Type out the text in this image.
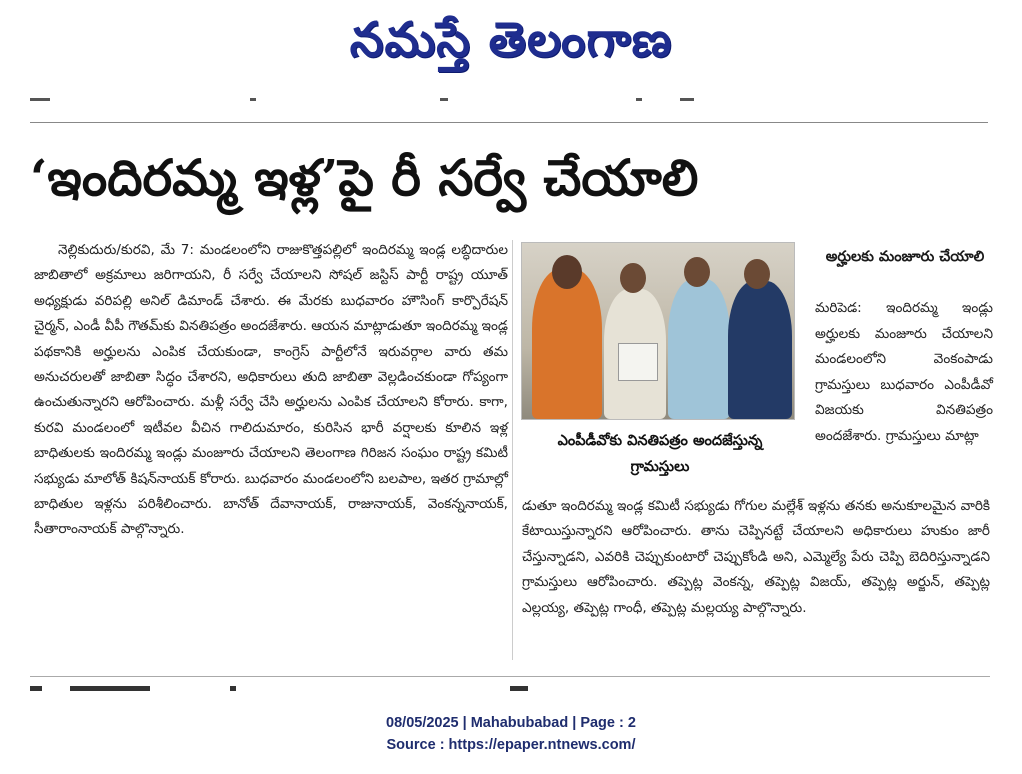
నమస్తే తెలంగాణ
‘ఇందిరమ్మ ఇళ్ల’పై రీ సర్వే చేయాలి

నెల్లికుదురు/కురవి, మే 7: మండలంలోని రాజుకొత్తపల్లిలో ఇందిరమ్మ ఇండ్ల లబ్ధిదారుల జాబితాలో అక్రమాలు జరిగాయని, రీ సర్వే చేయాలని సోషల్ జస్టిస్ పార్టీ రాష్ట్ర యూత్ అధ్యక్షుడు వరిపల్లి అనిల్ డిమాండ్ చేశారు. ఈ మేరకు బుధవారం హౌసింగ్ కార్పొరేషన్ చైర్మన్, ఎండీ వీపీ గౌతమ్‌కు వినతిపత్రం అందజేశారు. ఆయన మాట్లాడుతూ ఇందిరమ్మ ఇండ్ల పథకానికి అర్హులను ఎంపిక చేయకుండా, కాంగ్రెస్ పార్టీలోనే ఇరువర్గాల వారు తమ అనుచరులతో జాబితా సిద్ధం చేశారని, అధికారులు తుది జాబితా వెల్లడించకుండా గోప్యంగా ఉంచుతున్నారని ఆరోపించారు. మళ్లీ సర్వే చేసి అర్హులను ఎంపిక చేయాలని కోరారు. కాగా, కురవి మండలంలో ఇటీవల వీచిన గాలిదుమారం, కురిసిన భారీ వర్షాలకు కూలిన ఇళ్ల బాధితులకు ఇందిరమ్మ ఇండ్లు మంజూరు చేయాలని తెలంగాణ గిరిజన సంఘం రాష్ట్ర కమిటీ సభ్యుడు మాలోత్ కిషన్‌నాయక్ కోరారు. బుధవారం మండలంలోని బలపాల, ఇతర గ్రామాల్లో బాధితుల ఇళ్లను పరిశీలించారు. బానోత్ దేవానాయక్, రాజునాయక్, వెంకన్ననాయక్, సీతారాంనాయక్ పాల్గొన్నారు.

ఎంపీడీవోకు వినతిపత్రం అందజేస్తున్న గ్రామస్తులు
అర్హులకు మంజూరు చేయాలి
మరిపెడ: ఇందిరమ్మ ఇండ్లు అర్హులకు మంజూరు చేయాలని మండలంలోని వెంకంపాడు గ్రామస్తులు బుధవారం ఎంపీడీవో విజయకు వినతిపత్రం అందజేశారు. గ్రామస్తులు మాట్లా
డుతూ ఇందిరమ్మ ఇండ్ల కమిటీ సభ్యుడు గోగుల మల్లేశ్ ఇళ్లను తనకు అనుకూలమైన వారికి కేటాయిస్తున్నారని ఆరోపించారు. తాను చెప్పినట్టే చేయాలని అధికారులు హుకుం జారీ చేస్తున్నాడని, ఎవరికి చెప్పుకుంటారో చెప్పుకోండి అని, ఎమ్మెల్యే పేరు చెప్పి బెదిరిస్తున్నాడని గ్రామస్తులు ఆరోపించారు. తప్పెట్ల వెంకన్న, తప్పెట్ల విజయ్, తప్పెట్ల అర్జున్, తప్పెట్ల ఎల్లయ్య, తప్పెట్ల గాంధీ, తప్పెట్ల మల్లయ్య పాల్గొన్నారు.
08/05/2025 | Mahabubabad | Page : 2
Source : https://epaper.ntnews.com/
